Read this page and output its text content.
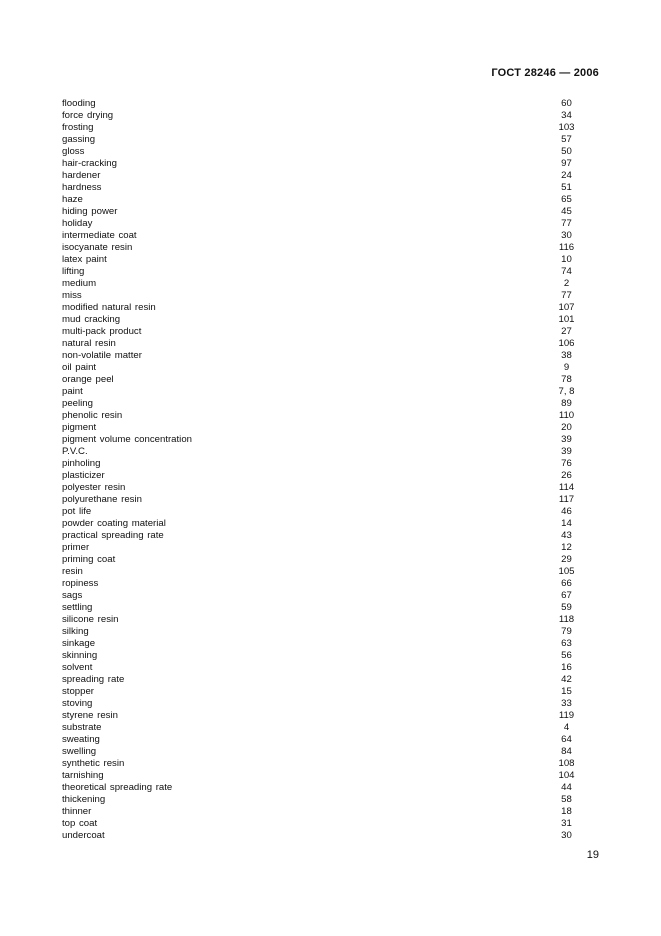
ГОСТ 28246 — 2006
flooding	60
force drying	34
frosting	103
gassing	57
gloss	50
hair-cracking	97
hardener	24
hardness	51
haze	65
hiding power	45
holiday	77
intermediate coat	30
isocyanate resin	116
latex paint	10
lifting	74
medium	2
miss	77
modified natural resin	107
mud cracking	101
multi-pack product	27
natural resin	106
non-volatile matter	38
oil paint	9
orange peel	78
paint	7, 8
peeling	89
phenolic resin	110
pigment	20
pigment volume concentration	39
P.V.C.	39
pinholing	76
plasticizer	26
polyester resin	114
polyurethane resin	117
pot life	46
powder coating material	14
practical spreading rate	43
primer	12
priming coat	29
resin	105
ropiness	66
sags	67
settling	59
silicone resin	118
silking	79
sinkage	63
skinning	56
solvent	16
spreading rate	42
stopper	15
stoving	33
styrene resin	119
substrate	4
sweating	64
swelling	84
synthetic resin	108
tarnishing	104
theoretical spreading rate	44
thickening	58
thinner	18
top coat	31
undercoat	30
19
